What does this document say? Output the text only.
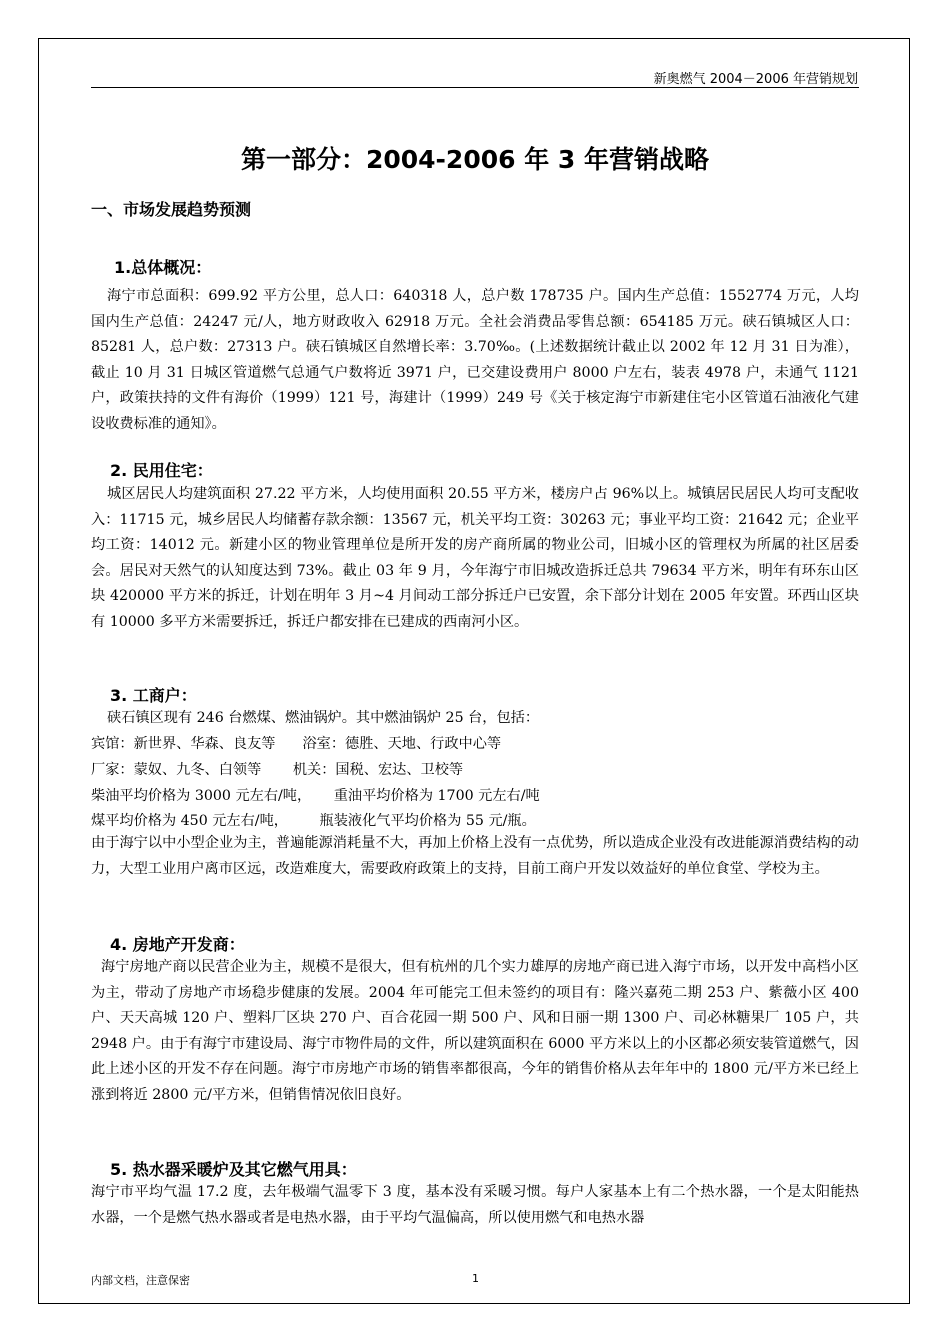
新奥燃气 2004－2006 年营销规划
第一部分：2004-2006 年 3 年营销战略
一、市场发展趋势预测
1.总体概况：
海宁市总面积：699.92 平方公里，总人口：640318 人，总户数 178735 户。国内生产总值：1552774 万元，人均国内生产总值：24247 元/人，地方财政收入 62918 万元。全社会消费品零售总额：654185 万元。硖石镇城区人口：85281 人，总户数：27313 户。硖石镇城区自然增长率：3.70‰。(上述数据统计截止以 2002 年 12 月 31 日为准），截止 10 月 31 日城区管道燃气总通气户数将近 3971 户，已交建设费用户 8000 户左右，装表 4978 户，未通气 1121 户，政策扶持的文件有海价（1999）121 号，海建计（1999）249 号《关于核定海宁市新建住宅小区管道石油液化气建设收费标准的通知》。
2. 民用住宅：
城区居民人均建筑面积 27.22 平方米，人均使用面积 20.55 平方米，楼房户占 96%以上。城镇居民居民人均可支配收入：11715 元，城乡居民人均储蓄存款余额：13567 元，机关平均工资：30263 元；事业平均工资：21642 元；企业平均工资：14012 元。新建小区的物业管理单位是所开发的房产商所属的物业公司，旧城小区的管理权为所属的社区居委会。居民对天然气的认知度达到 73%。截止 03 年 9 月，今年海宁市旧城改造拆迁总共 79634 平方米，明年有环东山区块 420000 平方米的拆迁，计划在明年 3 月~4 月间动工部分拆迁户已安置，余下部分计划在 2005 年安置。环西山区块有 10000 多平方米需要拆迁，拆迁户都安排在已建成的西南河小区。
3. 工商户：
硖石镇区现有 246 台燃煤、燃油锅炉。其中燃油锅炉 25 台，包括：
宾馆：新世界、华森、良友等      浴室：德胜、天地、行政中心等
厂家：蒙奴、九冬、白领等       机关：国税、宏达、卫校等
柴油平均价格为 3000 元左右/吨，     重油平均价格为 1700 元左右/吨
煤平均价格为 450 元左右/吨，       瓶装液化气平均价格为 55 元/瓶。
由于海宁以中小型企业为主，普遍能源消耗量不大，再加上价格上没有一点优势，所以造成企业没有改进能源消费结构的动力，大型工业用户离市区远，改造难度大，需要政府政策上的支持，目前工商户开发以效益好的单位食堂、学校为主。
4. 房地产开发商：
海宁房地产商以民营企业为主，规模不是很大，但有杭州的几个实力雄厚的房地产商已进入海宁市场，以开发中高档小区为主，带动了房地产市场稳步健康的发展。2004 年可能完工但未签约的项目有：隆兴嘉苑二期 253 户、紫薇小区 400 户、天天高城 120 户、塑料厂区块 270 户、百合花园一期 500 户、风和日丽一期 1300 户、司必林糖果厂 105 户，共 2948 户。由于有海宁市建设局、海宁市物件局的文件，所以建筑面积在 6000 平方米以上的小区都必须安装管道燃气，因此上述小区的开发不存在问题。海宁市房地产市场的销售率都很高，今年的销售价格从去年年中的 1800 元/平方米已经上涨到将近 2800 元/平方米，但销售情况依旧良好。
5. 热水器采暖炉及其它燃气用具：
海宁市平均气温 17.2 度，去年极端气温零下 3 度，基本没有采暖习惯。每户人家基本上有二个热水器，一个是太阳能热水器，一个是燃气热水器或者是电热水器，由于平均气温偏高，所以使用燃气和电热水器
内部文档，注意保密	1
